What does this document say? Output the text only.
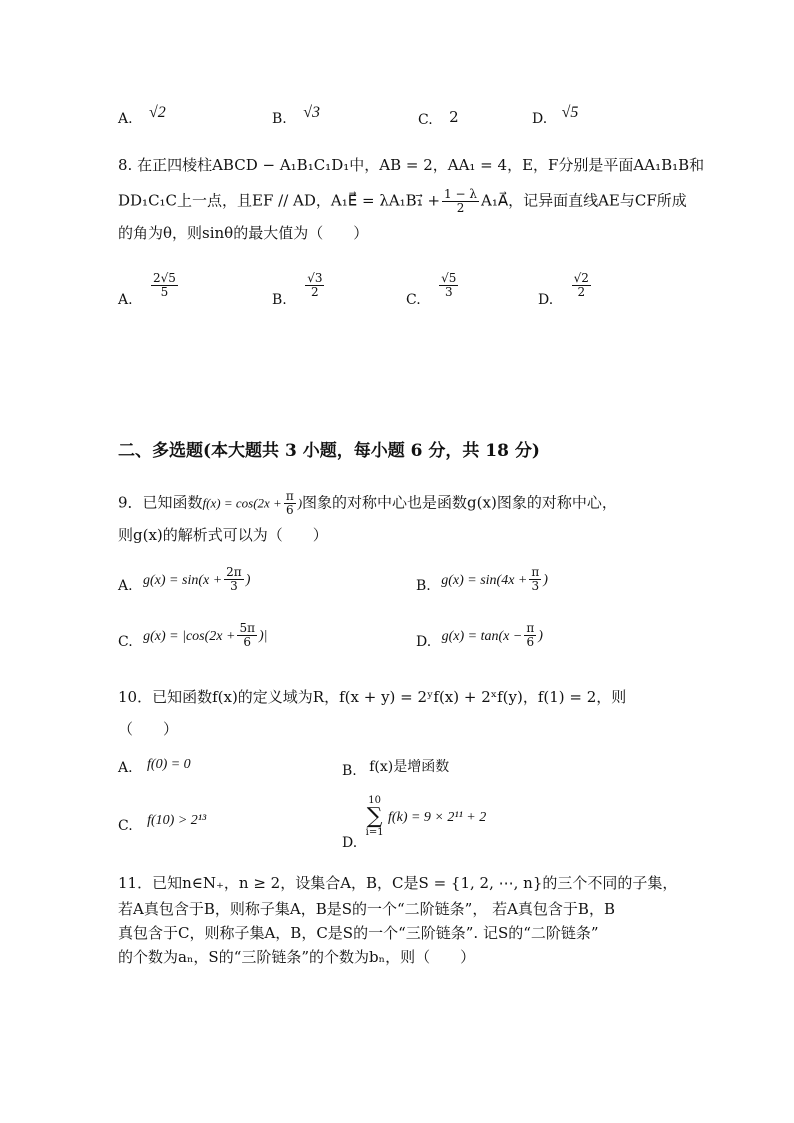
A. √2	B. √3	C. 2	D. √5
8. 在正四棱柱ABCD − A₁B₁C₁D₁中，AB = 2，AA₁ = 4，E，F分别是平面AA₁B₁B和
DD₁C₁C上一点，且EF // AD，A₁E⃗ = λA₁B₁⃗ + $\frac{1 - \lambda}{2}$ A₁A⃗，记异面直线AE与CF所成
的角为θ，则sinθ的最大值为（　　）
A.
$\frac{2√5}{5}$
B.
$\frac{√3}{2}$
C.
$\frac{√5}{3}$
D.
$\frac{√2}{2}$
二、多选题(本大题共 3 小题，每小题 6 分，共 18 分)
9．已知函数$f(x) = \cos(2x + \frac{\pi}{6}$ )图象的对称中心也是函数g(x)图象的对称中心，
则g(x)的解析式可以为（　　）
A. $g(x) = \sin(x + \frac{2\pi}{3}$ )	B. $g(x) = \sin(4x + \frac{\pi}{3}$ )
C. $g(x) = |\cos(2x + \frac{5\pi}{6}$ )|	D. $g(x) = \tan(x - \frac{\pi}{6}$ )
10．已知函数f(x)的定义域为R，f(x + y) = 2ʸf(x) + 2ˣf(y)，f(1) = 2，则
（　　）
A. f(0) = 0	B. f(x)是增函数
C. f(10) > 2¹³
D.
10
∑
i=1
f(k) = 9 × 2¹¹ + 2
11．已知n∈N₊，n ≥ 2，设集合A，B，C是S = {1, 2, ⋯, n}的三个不同的子集，
若A真包含于B，则称子集A，B是S的一个“二阶链条”， 若A真包含于B，B
真包含于C，则称子集A，B，C是S的一个“三阶链条”. 记S的“二阶链条”
的个数为aₙ，S的“三阶链条”的个数为bₙ，则（　　）
